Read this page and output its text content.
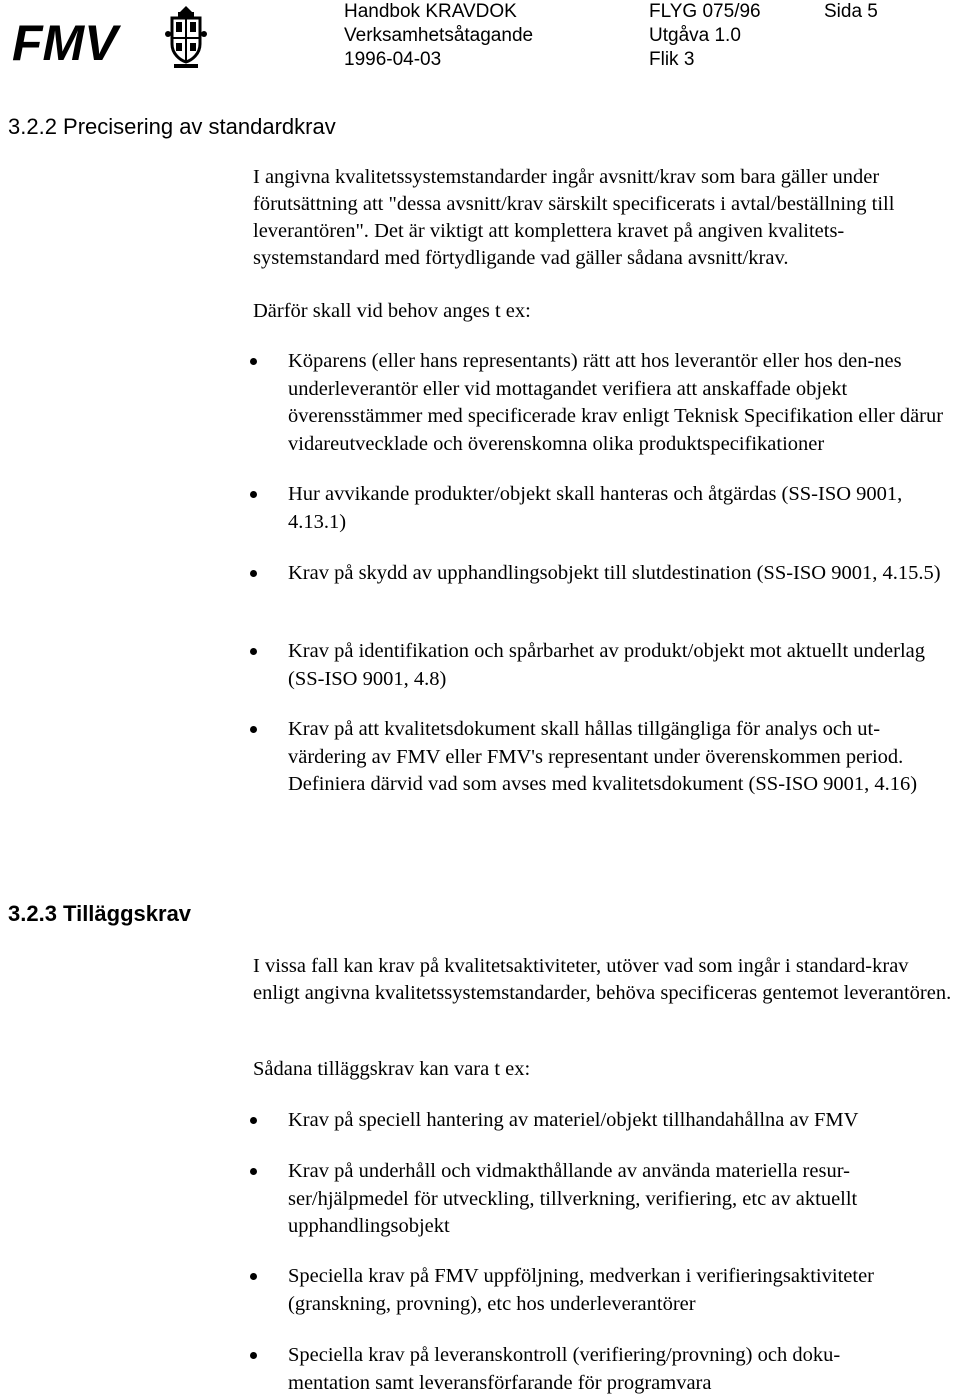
FMV
Handbok KRAVDOK	FLYG 075/96	Sida 5
Verksamhetsåtagande	Utgåva 1.0
1996-04-03	Flik 3
3.2.2 Precisering av standardkrav

I angivna kvalitetssystemstandarder ingår avsnitt/krav som bara gäller under förutsättning att "dessa avsnitt/krav särskilt specificerats i avtal/beställning till leverantören". Det är viktigt att komplettera kravet på angiven kvalitets-systemstandard med förtydligande vad gäller sådana avsnitt/krav.

Därför skall vid behov anges t ex:

Köparens (eller hans representants) rätt att hos leverantör eller hos den-nes underleverantör eller vid mottagandet verifiera att anskaffade objekt överensstämmer med specificerade krav enligt Teknisk Specifikation eller därur vidareutvecklade och överenskomna olika produktspecifikationer

Hur avvikande produkter/objekt skall hanteras och åtgärdas (SS-ISO 9001, 4.13.1)

Krav på skydd av upphandlingsobjekt till slutdestination (SS-ISO 9001, 4.15.5)

Krav på identifikation och spårbarhet av produkt/objekt mot aktuellt underlag (SS-ISO 9001, 4.8)

Krav på att kvalitetsdokument skall hållas tillgängliga för analys och ut-värdering av FMV eller FMV's representant under överenskommen period. Definiera därvid vad som avses med kvalitetsdokument (SS-ISO 9001, 4.16)

3.2.3 Tilläggskrav

I vissa fall kan krav på kvalitetsaktiviteter, utöver vad som ingår i standard-krav enligt angivna kvalitetssystemstandarder, behöva specificeras gentemot leverantören.

Sådana tilläggskrav kan vara t ex:

Krav på speciell hantering av materiel/objekt tillhandahållna av FMV

Krav på underhåll och vidmakthållande av använda materiella resur-ser/hjälpmedel för utveckling, tillverkning, verifiering, etc av aktuellt upphandlingsobjekt

Speciella krav på FMV uppföljning, medverkan i verifieringsaktiviteter (granskning, provning), etc hos underleverantörer

Speciella krav på leveranskontroll (verifiering/provning) och doku-mentation samt leveransförfarande för programvara
